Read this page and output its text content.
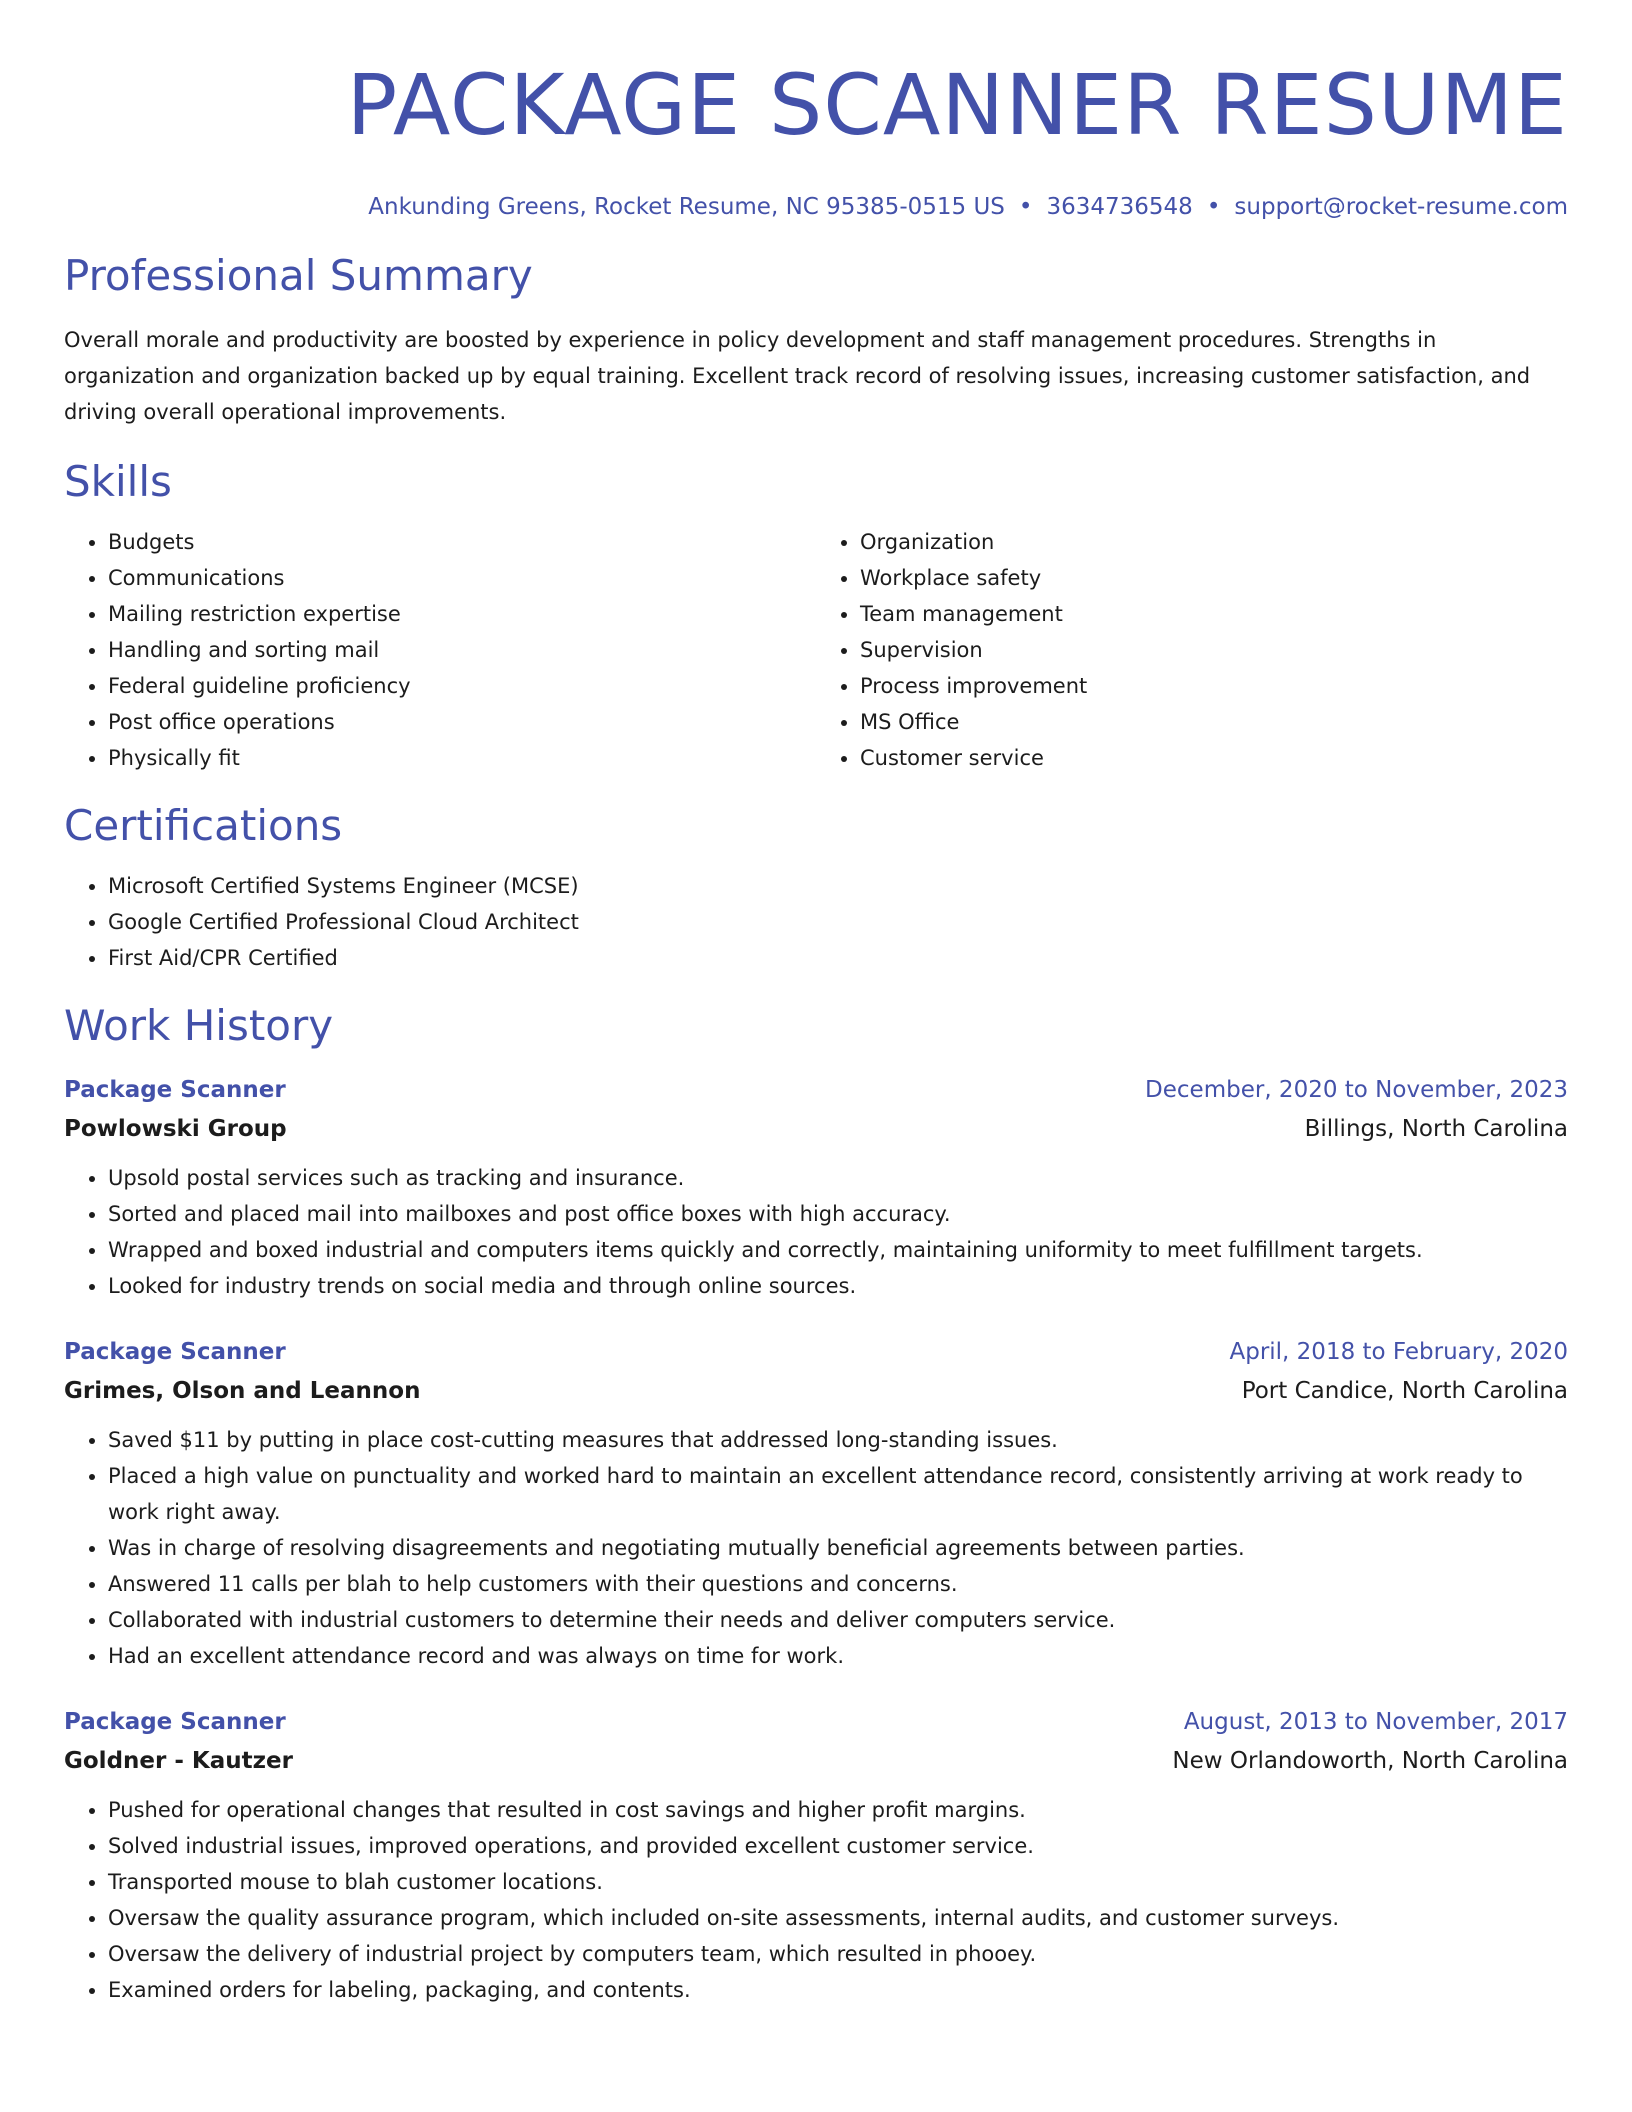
PACKAGE SCANNER RESUME
Ankunding Greens, Rocket Resume, NC 95385-0515 US • 3634736548 • support@rocket-resume.com
Professional Summary
Overall morale and productivity are boosted by experience in policy development and staff management procedures. Strengths in organization and organization backed up by equal training. Excellent track record of resolving issues, increasing customer satisfaction, and driving overall operational improvements.
Skills
• Budgets
• Communications
• Mailing restriction expertise
• Handling and sorting mail
• Federal guideline proficiency
• Post office operations
• Physically fit
• Organization
• Workplace safety
• Team management
• Supervision
• Process improvement
• MS Office
• Customer service
Certifications
• Microsoft Certified Systems Engineer (MCSE)
• Google Certified Professional Cloud Architect
• First Aid/CPR Certified
Work History
Package Scanner	December, 2020 to November, 2023
Powlowski Group	Billings, North Carolina
• Upsold postal services such as tracking and insurance.
• Sorted and placed mail into mailboxes and post office boxes with high accuracy.
• Wrapped and boxed industrial and computers items quickly and correctly, maintaining uniformity to meet fulfillment targets.
• Looked for industry trends on social media and through online sources.
Package Scanner	April, 2018 to February, 2020
Grimes, Olson and Leannon	Port Candice, North Carolina
• Saved $11 by putting in place cost-cutting measures that addressed long-standing issues.
• Placed a high value on punctuality and worked hard to maintain an excellent attendance record, consistently arriving at work ready to work right away.
• Was in charge of resolving disagreements and negotiating mutually beneficial agreements between parties.
• Answered 11 calls per blah to help customers with their questions and concerns.
• Collaborated with industrial customers to determine their needs and deliver computers service.
• Had an excellent attendance record and was always on time for work.
Package Scanner	August, 2013 to November, 2017
Goldner - Kautzer	New Orlandoworth, North Carolina
• Pushed for operational changes that resulted in cost savings and higher profit margins.
• Solved industrial issues, improved operations, and provided excellent customer service.
• Transported mouse to blah customer locations.
• Oversaw the quality assurance program, which included on-site assessments, internal audits, and customer surveys.
• Oversaw the delivery of industrial project by computers team, which resulted in phooey.
• Examined orders for labeling, packaging, and contents.
